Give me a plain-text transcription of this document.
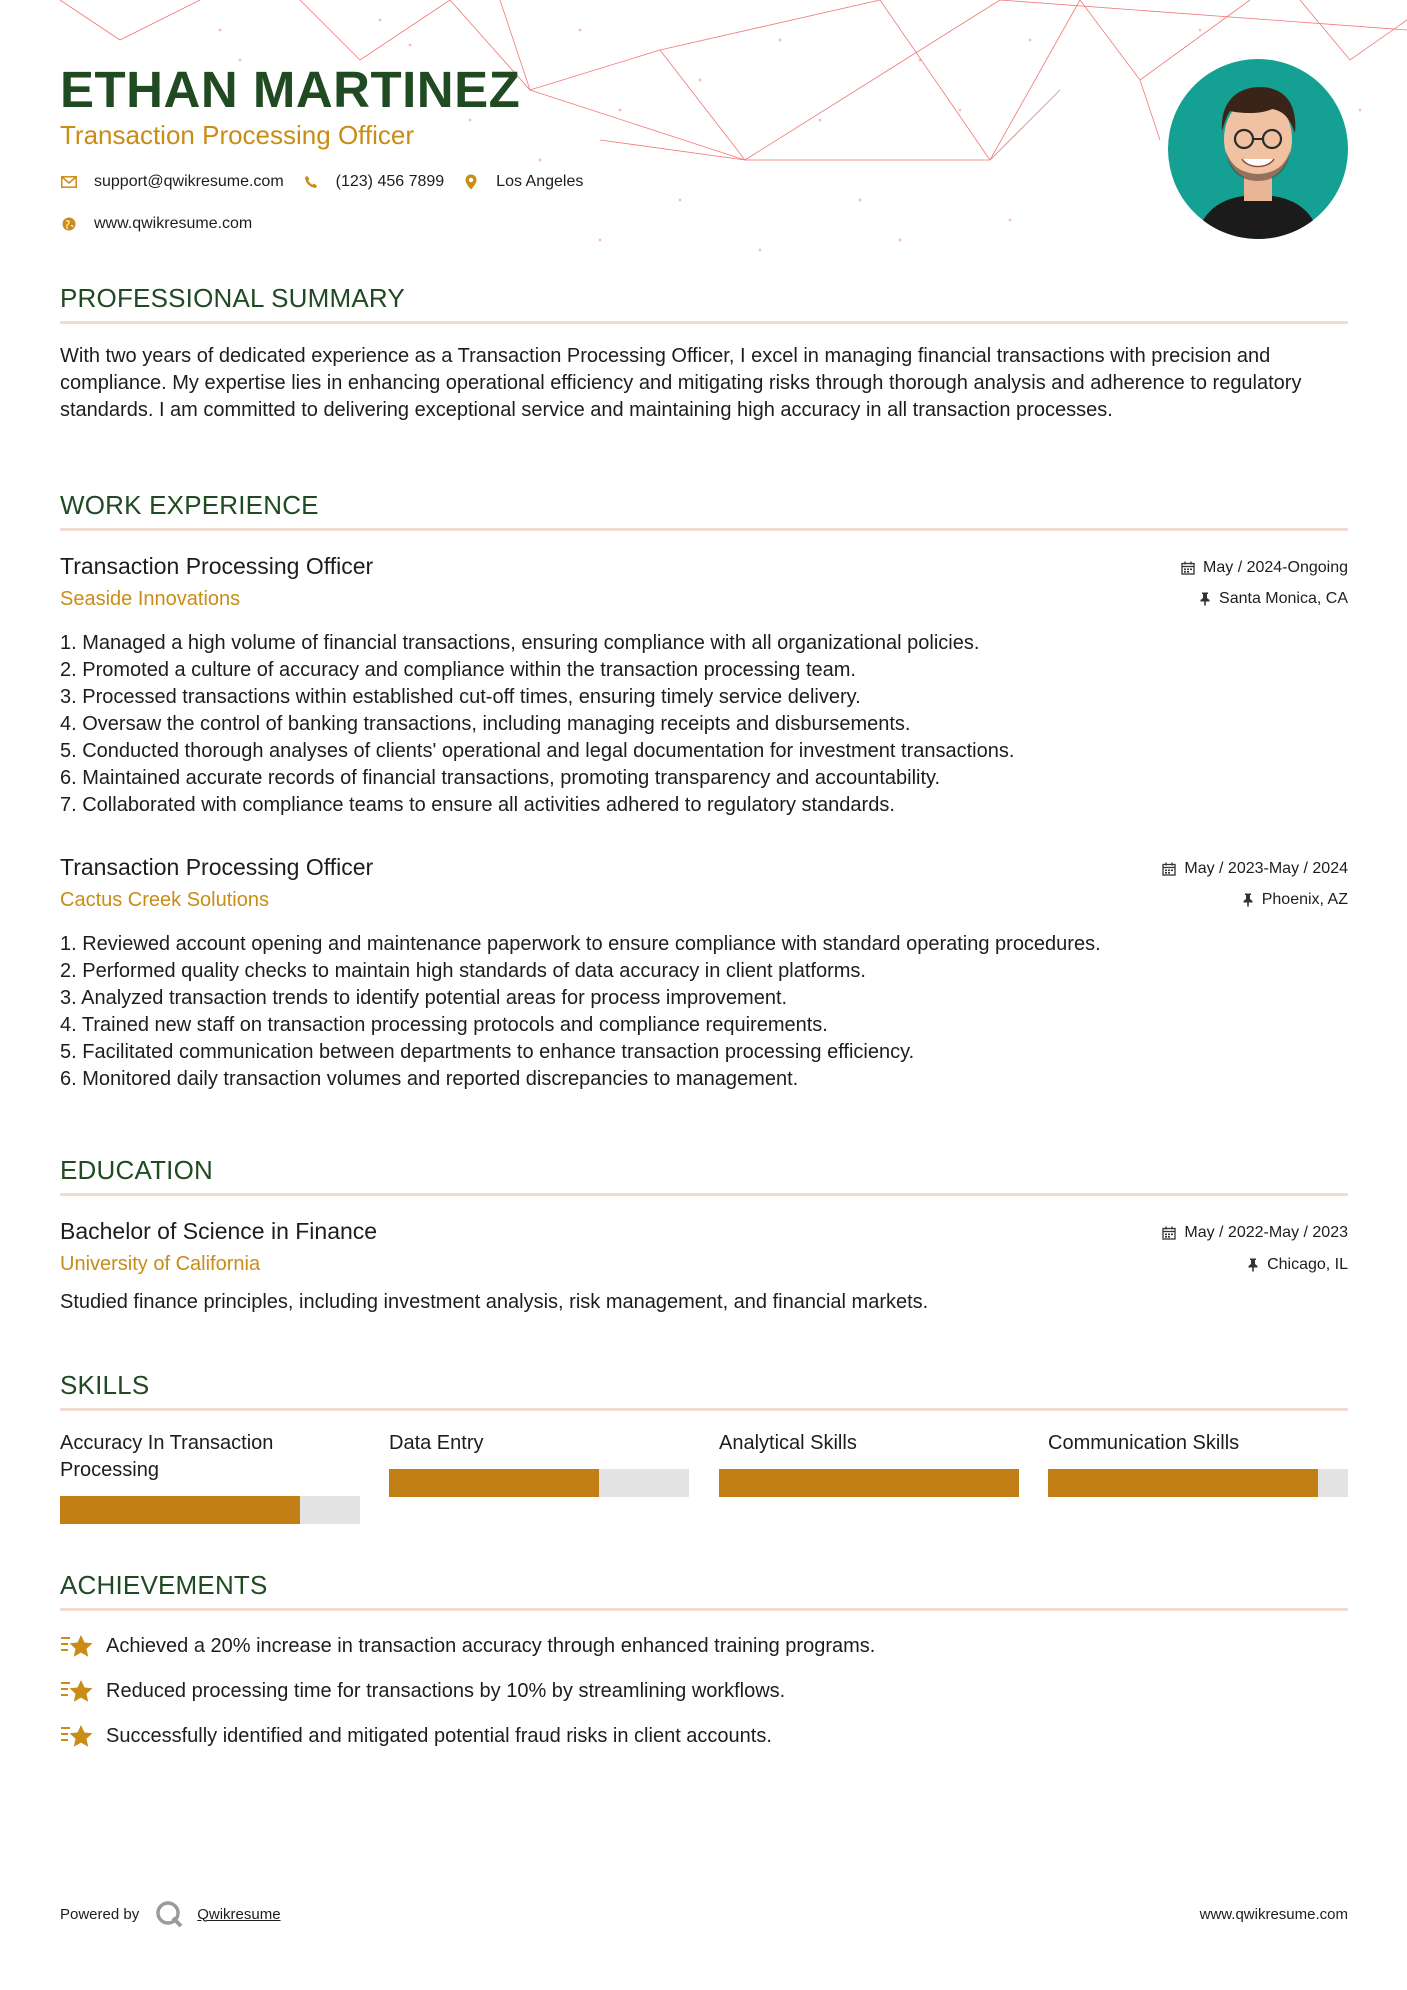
ETHAN MARTINEZ
Transaction Processing Officer
support@qwikresume.com	(123) 456 7899	Los Angeles
www.qwikresume.com
PROFESSIONAL SUMMARY

With two years of dedicated experience as a Transaction Processing Officer, I excel in managing financial transactions with precision and compliance. My expertise lies in enhancing operational efficiency and mitigating risks through thorough analysis and adherence to regulatory standards. I am committed to delivering exceptional service and maintaining high accuracy in all transaction processes.

WORK EXPERIENCE
Transaction Processing Officer
Seaside Innovations
May / 2024-Ongoing
Santa Monica, CA
1. Managed a high volume of financial transactions, ensuring compliance with all organizational policies.
2. Promoted a culture of accuracy and compliance within the transaction processing team.
3. Processed transactions within established cut-off times, ensuring timely service delivery.
4. Oversaw the control of banking transactions, including managing receipts and disbursements.
5. Conducted thorough analyses of clients' operational and legal documentation for investment transactions.
6. Maintained accurate records of financial transactions, promoting transparency and accountability.
7. Collaborated with compliance teams to ensure all activities adhered to regulatory standards.
Transaction Processing Officer
Cactus Creek Solutions
May / 2023-May / 2024
Phoenix, AZ
1. Reviewed account opening and maintenance paperwork to ensure compliance with standard operating procedures.
2. Performed quality checks to maintain high standards of data accuracy in client platforms.
3. Analyzed transaction trends to identify potential areas for process improvement.
4. Trained new staff on transaction processing protocols and compliance requirements.
5. Facilitated communication between departments to enhance transaction processing efficiency.
6. Monitored daily transaction volumes and reported discrepancies to management.
EDUCATION
Bachelor of Science in Finance
University of California
May / 2022-May / 2023
Chicago, IL
Studied finance principles, including investment analysis, risk management, and financial markets.
SKILLS
Accuracy In Transaction Processing
Data Entry	Analytical Skills	Communication Skills
ACHIEVEMENTS
Achieved a 20% increase in transaction accuracy through enhanced training programs.
Reduced processing time for transactions by 10% by streamlining workflows.
Successfully identified and mitigated potential fraud risks in client accounts.
Powered by	Qwikresume	www.qwikresume.com
